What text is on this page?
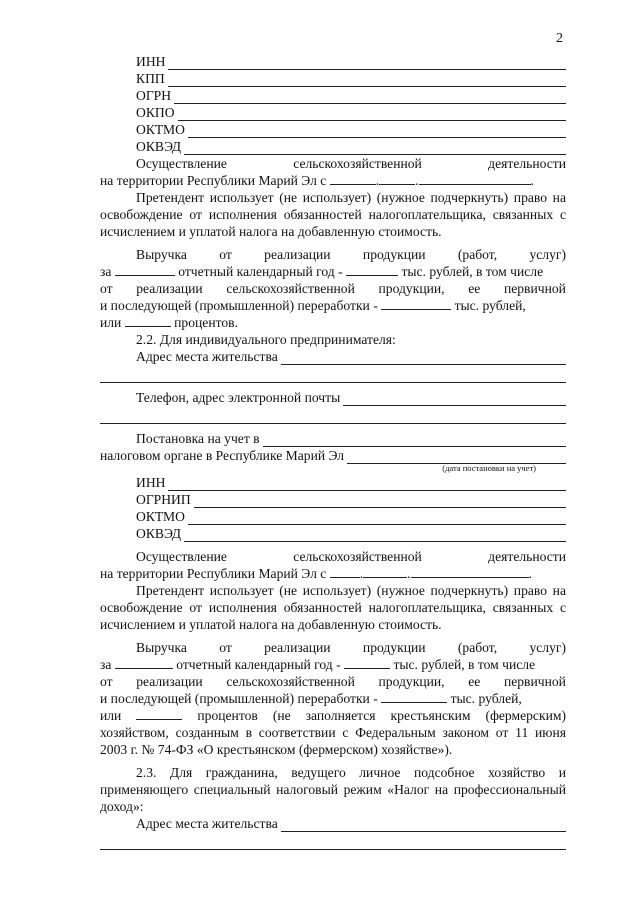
2
ИНН
КПП
ОГРН
ОКПО
ОКТМО
ОКВЭД
Осуществление	сельскохозяйственной	деятельности
на территории Республики Марий Эл с	.	.	.
Претендент использует (не использует) (нужное подчеркнуть) право на освобождение от исполнения обязанностей налогоплательщика, связанных с исчислением и уплатой налога на добавленную стоимость.
Выручка от реализации продукции (работ, услуг)
за	отчетный календарный год -	тыс. рублей, в том числе
от реализации сельскохозяйственной продукции, ее первичной
и последующей (промышленной) переработки -	тыс. рублей,
или	процентов.
2.2. Для индивидуального предпринимателя:
Адрес места жительства
Телефон, адрес электронной почты
Постановка на учет в
налоговом органе в Республике Марий Эл
(дата постановки на учет)
ИНН
ОГРНИП
ОКТМО
ОКВЭД
Осуществление	сельскохозяйственной	деятельности
на территории Республики Марий Эл с .	.	.
Претендент использует (не использует) (нужное подчеркнуть) право на освобождение от исполнения обязанностей налогоплательщика, связанных с исчислением и уплатой налога на добавленную стоимость.
Выручка от реализации продукции (работ, услуг)
за	отчетный календарный год -	тыс. рублей, в том числе
от реализации сельскохозяйственной продукции, ее первичной
и последующей (промышленной) переработки -	тыс. рублей,
или	процентов (не заполняется крестьянским (фермерским) хозяйством, созданным в соответствии с Федеральным законом от 11 июня 2003 г. № 74-ФЗ «О крестьянском (фермерском) хозяйстве»).
2.3. Для гражданина, ведущего личное подсобное хозяйство и применяющего специальный налоговый режим «Налог на профессиональный доход»:
Адрес места жительства
